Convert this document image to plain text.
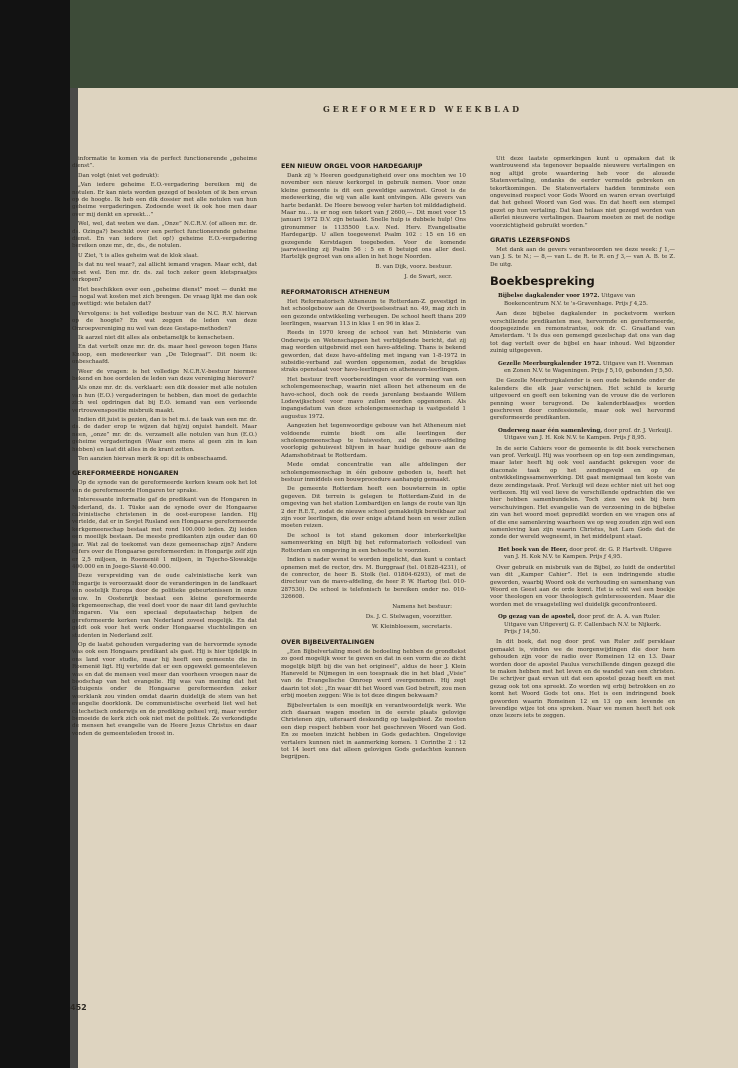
GEREFORMEERD WEEKBLAD

informatie te komen via de perfect functionerende „geheime dienst”.

Dan volgt (niet vet gedrukt):

„Van iedere geheime E.O.-vergadering bereiken mij de notulen. Er kan niets worden gezegd of besloten of ik ben ervan op de hoogte. Ik heb een dik dossier met alle notulen van hun geheime vergaderingen. Zodoende weet ik ook hoe men daar over mij denkt en spreekt…”

Wel, wel, dat weten we dan. „Onze” N.C.R.V. (of alleen mr. dr. ds. Ozinga?) beschikt over een perfect functionerende geheime dienst. En van iedere (let op!) geheime E.O.-vergadering bereiken onze mr., dr., ds., de notulen.

U Ziet, 't is alles geheim wat de klok slaat.

Is dat nu wel waar?, zal allicht iemand vragen. Maar echt, dat moet wel. Een mr. dr. ds. zal toch zeker geen kletspraatjes verkopen?

Het beschikken over een „geheime dienst” moet — dunkt me — nogal wat kosten met zich brengen. De vraag lijkt me dan ook gewettigd: wie betalen dat?

Vervolgens: is het volledige bestuur van de N.C. R.V. hiervan op de hoogte? En wat zeggen de leden van deze Omroepvereniging nu wel van deze Gestapo-methoden?

Ik aarzel niet dit alles als onbetamelijk te kenschetsen.

En dat vertelt onze mr. dr. ds. maar heel gewoon tegen Hans Knoop, een medewerker van „De Telegraaf”. Dit noem ik: onbeschaafd.

Weer de vragen: is het volledige N.C.R.V.-bestuur hiermee bekend en hoe oordelen de leden van deze vereniging hierover?

Als onze mr. dr. ds. verklaart: een dik dossier met alle notulen van hun (E.O.) vergaderingen te hebben, dan moet de gedachte zich wel opdringen dat bij E.O. iemand van een verleende vertrouwenspositie misbruik maakt.

Indien dit juist is gezien, dan is het m.i. de taak van een mr. dr. ds. de dader erop te wijzen dat hij/zij onjuist handelt. Maar neen, „onze” mr. dr. ds. verzamelt alle notulen van hun (E.O.) geheime vergaderingen (Waar een mens al geen zin in kan hebben) en laat dit alles in de krant zetten.

Ten aanzien hiervan merk ik op: dit is onbeschaamd.

GEREFORMEERDE HONGAREN

Op de synode van de gereformeerde kerken kwam ook het lot van de gereformeerde Hongaren ter sprake.

Interessante informatie gaf de predikant van de Hongaren in Nederland, ds. I. Tüske aan de synode over de Hongaarse calvinistische christenen in de oost-europese landen. Hij vertelde, dat er in Sovjet Rusland een Hongaarse gereformeerde kerkgemeenschap bestaat met rond 100.000 leden. Zij leiden een moeilijk bestaan. De meeste predikanten zijn ouder dan 60 jaar. Wat zal de toekomst van deze gemeenschap zijn? Andere cijfers over de Hongaarse gereformeerden: in Hongarije zelf zijn er 2,5 miljoen, in Roemenië 1 miljoen, in Tsjecho-Slowakije 400.000 en in Joego-Slavië 40.000.

Deze verspreiding van de oude calvinistische kerk van Hongarije is veroorzaakt door de veranderingen in de landkaart van oostelijk Europa door de politieke gebeurtenissen in onze eeuw. In Oostenrijk bestaat een kleine gereformeerde kerkgemeenschap, die veel doet voor de naar dit land gevluchte Hongaren. Via een speciaal deputaatschap helpen de gereformeerde kerken van Nederland zoveel mogelijk. En dat geldt ook voor het werk onder Hongaarse vluchtelingen en studenten in Nederland zelf.

Op de laatst gehouden vergadering van de hervormde synode was ook een Hongaars predikant als gast. Hij is hier tijdelijk in ons land voor studie, maar hij heeft een gemeente die in Roemenië ligt. Hij vertelde dat er een opgewekt gemeenteleven was en dat de mensen veel meer dan voorheen vroegen naar de boodschap van het evangelie. Hij was van mening dat het Getuigenis onder de Hongaarse gereformeerden zeker weerklank zou vinden omdat daarin duidelijk de stem van het evangelie doorklonk. De communistische overheid liet wel het catechetisch onderwijs en de prediking geheel vrij, maar verder bemoeide de kerk zich ook niet met de politiek. Ze verkondigde de mensen het evangelie van de Heere Jezus Christus en daar vonden de gemeenteleden troost in.

EEN NIEUW ORGEL VOOR HARDEGARIJP

Dank zij 's Heeren goedgunstigheid over ons mochten we 10 november een nieuw kerkorgel in gebruik nemen. Voor onze kleine gemeente is dit een geweldige aanwinst. Groot is de medewerking, die wij van alle kant ontvingen. Alle gevers van harte bedankt. De Heere bewoog veler harten tot milddadigheid. Maar nu… is er nog een tekort van ƒ 2600,—. Dit moet voor 15 januari 1972 D.V. zijn betaald. Snelle hulp is dubbele hulp! Ons gironummer is 1135500 t.a.v. Ned. Herv. Evangelisatie Hardegarijp. U allen toegewenst Psalm 102 : 15 en 16 en gezegende Kerstdagen toegebeden. Voor de komende jaarwisseling zij Psalm 56 : 5 en 6 betuigd ons aller deel. Hartelijk gegroet van ons allen in het hoge Noorden.

B. van Dijk, voorz. bestuur.
J. de Swart, secr.
REFORMATORISCH ATHENEUM

Het Reformatorisch Atheneum te Rotterdam-Z. gevestigd in het schoolgebouw aan de Overijsselsestraat no. 49, mag zich in een gezonde ontwikkeling verheugen. De school heeft thans 209 leerlingen, waarvan 113 in klas 1 en 96 in klas 2.

Reeds in 1970 kreeg de school van het Ministerie van Onderwijs en Wetenschappen het verblijdende bericht, dat zij mag worden uitgebreid met een havo-afdeling. Thans is bekend geworden, dat deze havo-afdeling met ingang van 1-8-1972 in subsidie-verband zal worden opgenomen, zodat de brugklas straks openstaat voor havo-leerlingen en atheneum-leerlingen.

Het bestuur treft voorbereidingen voor de vorming van een scholengemeenschap, waarin niet alleen het atheneum en de havo-school, doch ook de reeds jarenlang bestaande Willem Lodewijkschool voor mavo zullen worden opgenomen. Als ingangsdatum van deze scholengemeenschap is vastgesteld 1 augustus 1972.

Aangezien het tegenwoordige gebouw van het Atheneum niet voldoende ruimte biedt om alle leerlingen der scholengemeenschap te huisvesten, zal de mavo-afdeling voorlopig gehuisvest blijven in haar huidige gebouw aan de Adamshofstraat te Rotterdam.

Mede omdat concentratie van alle afdelingen der scholengemeenschap in één gebouw geboden is, heeft het bestuur inmiddels een bouwprocedure aanhangig gemaakt.

De gemeente Rotterdam heeft een bouwterrein in optie gegeven. Dit terrein is gelegen te Rotterdam-Zuid in de omgeving van het station Lombardijen en langs de route van lijn 2 der R.E.T., zodat de nieuwe school gemakkelijk bereikbaar zal zijn voor leerlingen, die over enige afstand heen en weer zullen moeten reizen.

De school is tot stand gekomen door interkerkelijke samenwerking en blijft bij het reformatorisch volksdeel van Rotterdam en omgeving in een behoefte te voorzien.

Indien u nader wenst te worden ingelicht, dan kunt u contact opnemen met de rector, drs. M. Burggraaf (tel. 01828-4231), of de conrector, de heer B. Stolk (tel. 01804-6293), of met de directeur van de mavo-afdeling, de heer P. W. Hartog (tel. 010-287530). De school is telefonisch te bereiken onder no. 010-326608.

Namens het bestuur:
Ds. J. C. Stelwagen, voorzitter.
W. Kleinbloesem, secretaris.
OVER BIJBELVERTALINGEN

„Een Bijbelvertaling moet de bedoeling hebben de grondtekst zo goed mogelijk weer te geven en dat in een vorm die zo dicht mogelijk blijft bij die van het origineel”, aldus de heer J. Klein Haneveld te Nijmegen in een toespraak die in het blad „Visie” van de Evangelische Omroep werd overgenomen. Hij zegt daarin tot slot: „En waar dit het Woord van God betreft, zou men erbij moeten zeggen: Wie is tot deze dingen bekwaam?

Bijbelvertalen is een moeilijk en verantwoordelijk werk. Wie zich daaraan wagen moeten in de eerste plaats gelovige Christenen zijn, uiteraard deskundig op taalgebied. Ze moeten een diep respect hebben voor het geschreven Woord van God. En ze moeten inzicht hebben in Gods gedachten. Ongelovige vertalers kunnen niet in aanmerking komen. 1 Corinthe 2 : 12 tot 14 leert ons dat alleen gelovigen Gods gedachten kunnen begrijpen.

Uit deze laatste opmerkingen kunt u opmaken dat ik wantrouwend sta tegenover bepaalde nieuwere vertalingen en nog altijd grote waardering heb voor de alouede Statenvertaling, ondanks de eerder vermelde gebreken en tekortkomingen. De Statenvertalers hadden tenminste een ongeveinsd respect voor Gods Woord en waren ervan overtuigd dat het geheel Woord van God was. En dat heeft een stempel gezet op hun vertaling. Dat kan helaas niet gezegd worden van allerlei nieuwere vertalingen. Daarom moeten ze met de nodige voorzichtigheid gebruikt worden.”

GRATIS LEZERSFONDS

Met dank aan de gevers verantwoorden we deze week: ƒ 1,— van J. S. te N.; — 8,— van L. de R. te R. en ƒ 3,— van A. B. te Z. De uitg.

Boekbespreking
Bijbelse dagkalender voor 1972. Uitgave van Boekencentrum N.V. te 's-Gravenhage. Prijs ƒ 4,25.

Aan deze bijbelse dagkalender in pocketvorm werken verschillende predikanten mee, hervormde en gereformeerde, doopsgezinde en remonstrantse, ook dr. C. Graafland van Amsterdam. 't Is dus een gemengd gezelschap dat ons van dag tot dag vertelt over de bijbel en haar inhoud. Wel bijzonder zuinig uitgegeven.

Gezelle Meerburgkalender 1972. Uitgave van H. Veenman en Zonen N.V. te Wageningen. Prijs ƒ 5,10, gebonden ƒ 5,50.

De Gezelle Meerburgkalender is een oude bekende onder de kalenders die elk jaar verschijnen. Het schild is keurig uitgevoerd en geeft een tekening van de vrouw die de verloren penning weer terugvond. De kalenderblaadjes worden geschreven door confessionele, maar ook wel hervormd gereformeerde predikanten.

Onderweg naar één samenleving, door prof. dr. J. Verkuijl. Uitgave van J. H. Kok N.V. te Kampen. Prijs ƒ 8,95.

In de serie Cahiers voor de gemeente is dit boek verschenen van prof. Verkuijl. Hij was voorheen op en top een zendingsman, maar later heeft hij ook veel aandacht gekregen voor de diaconale taak op het zendingsveld en op de ontwikkelingssamenwerking. Dit gaat menigmaal ten koste van deze zendingstaak. Prof. Verkuijl wil deze echter niet uit het oog verliezen. Hij wil veel lieve de verschillende opdrachten die we hier hebben samenbundelen. Toch zien we ook bij hem verschuivingen. Het evangelie van de verzoening in de bijbelse zin van het woord moet gepredikt worden en we vragen ons af of die ene samenleving waarheen we op weg zouden zijn wel een samenleving kan zijn waarin Christus, het Lam Gods dat de zonde der wereld wegneemt, in het middelpunt staat.

Het boek van de Heer, door prof. dr. G. P. Hartvelt. Uitgave van J. H. Kok N.V. te Kampen. Prijs ƒ 4,95.

Over gebruik en misbruik van de Bijbel, zo luidt de ondertitel van dit „Kamper Cahier”. Het is een indringende studie geworden, waarbij Woord ook de verhouding en samenhang van Woord en Geest aan de orde komt. Het is echt wel een boekje voor theologen en voor theologisch geïnteresseerden. Maar die worden met de vraagstelling wel duidelijk geconfronteerd.

Op gezag van de apostel, door prof. dr. A. A. van Ruler. Uitgave van Uitgeverij G. F. Callenbach N.V. te Nijkerk. Prijs ƒ 14,50.

In dit boek, dat nog door prof. van Ruler zelf persklaar gemaakt is, vinden we de morgenwijdingen die door hem gehouden zijn voor de radio over Romeinen 12 en 13. Daar worden door de apostel Paulus verschillende dingen gezegd die te maken hebben met het leven en de wandel van een christen. De schrijver gaat ervan uit dat een apostel gezag heeft en met gezag ook tot ons spreekt. Zo worden wij erbij betrokken en zo komt het Woord Gods tot ons. Het is een indringend boek geworden waarin Romeinen 12 en 13 op een levende en levendige wijze tot ons spreken. Naar we menen heeft het ook onze lezers iets te zeggen.

452
